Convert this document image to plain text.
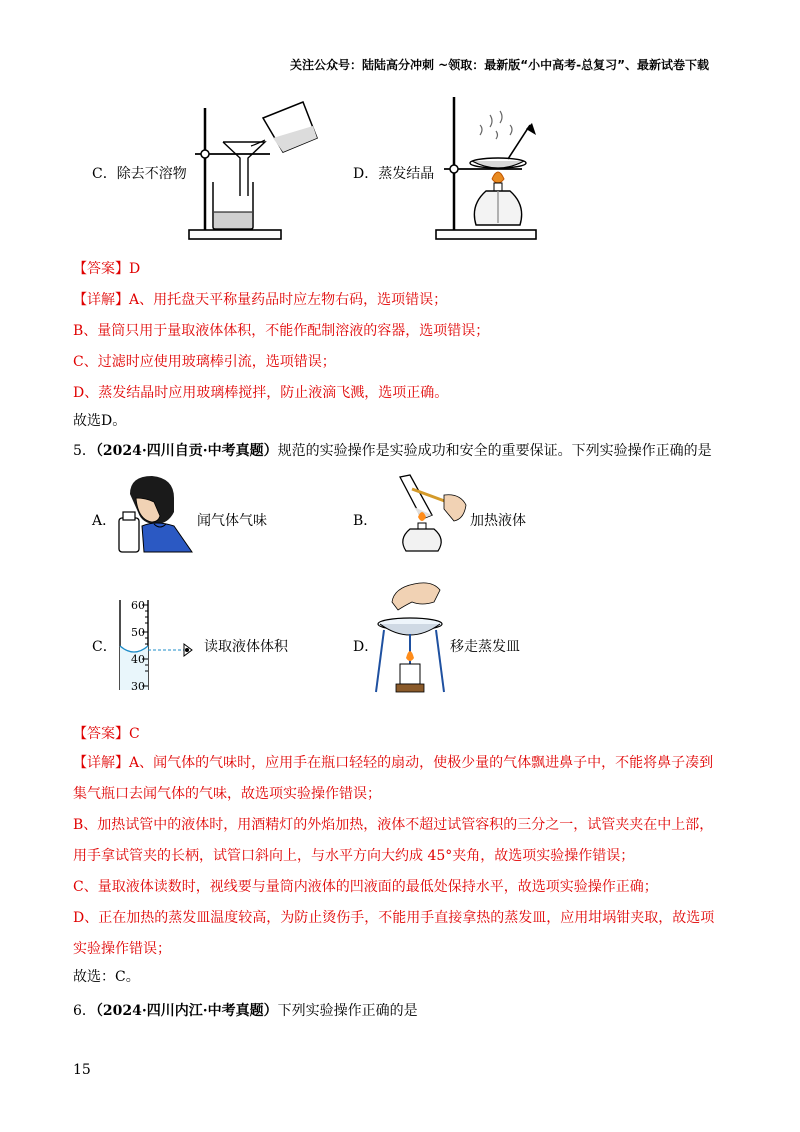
关注公众号：陆陆高分冲刺 ~领取：最新版“小中高考-总复习”、最新试卷下载
C．除去不溶物	D．蒸发结晶
【答案】D
【详解】A、用托盘天平称量药品时应左物右码，选项错误；
B、量筒只用于量取液体体积，不能作配制溶液的容器，选项错误；
C、过滤时应使用玻璃棒引流，选项错误；
D、蒸发结晶时应用玻璃棒搅拌，防止液滴飞溅，选项正确。
故选D。
5．（2024·四川自贡·中考真题）规范的实验操作是实验成功和安全的重要保证。下列实验操作正确的是
A．	闻气体气味	B．	加热液体
C．
60
50
40
30
读取液体体积	D．	移走蒸发皿
【答案】C
【详解】A、闻气体的气味时，应用手在瓶口轻轻的扇动，使极少量的气体飘进鼻子中，不能将鼻子凑到
集气瓶口去闻气体的气味，故选项实验操作错误；
B、加热试管中的液体时，用酒精灯的外焰加热，液体不超过试管容积的三分之一，试管夹夹在中上部，
用手拿试管夹的长柄，试管口斜向上，与水平方向大约成 45°夹角，故选项实验操作错误；
C、量取液体读数时，视线要与量筒内液体的凹液面的最低处保持水平，故选项实验操作正确；
D、正在加热的蒸发皿温度较高，为防止烫伤手，不能用手直接拿热的蒸发皿，应用坩埚钳夹取，故选项
实验操作错误；
故选：C。
6．（2024·四川内江·中考真题）下列实验操作正确的是
15
